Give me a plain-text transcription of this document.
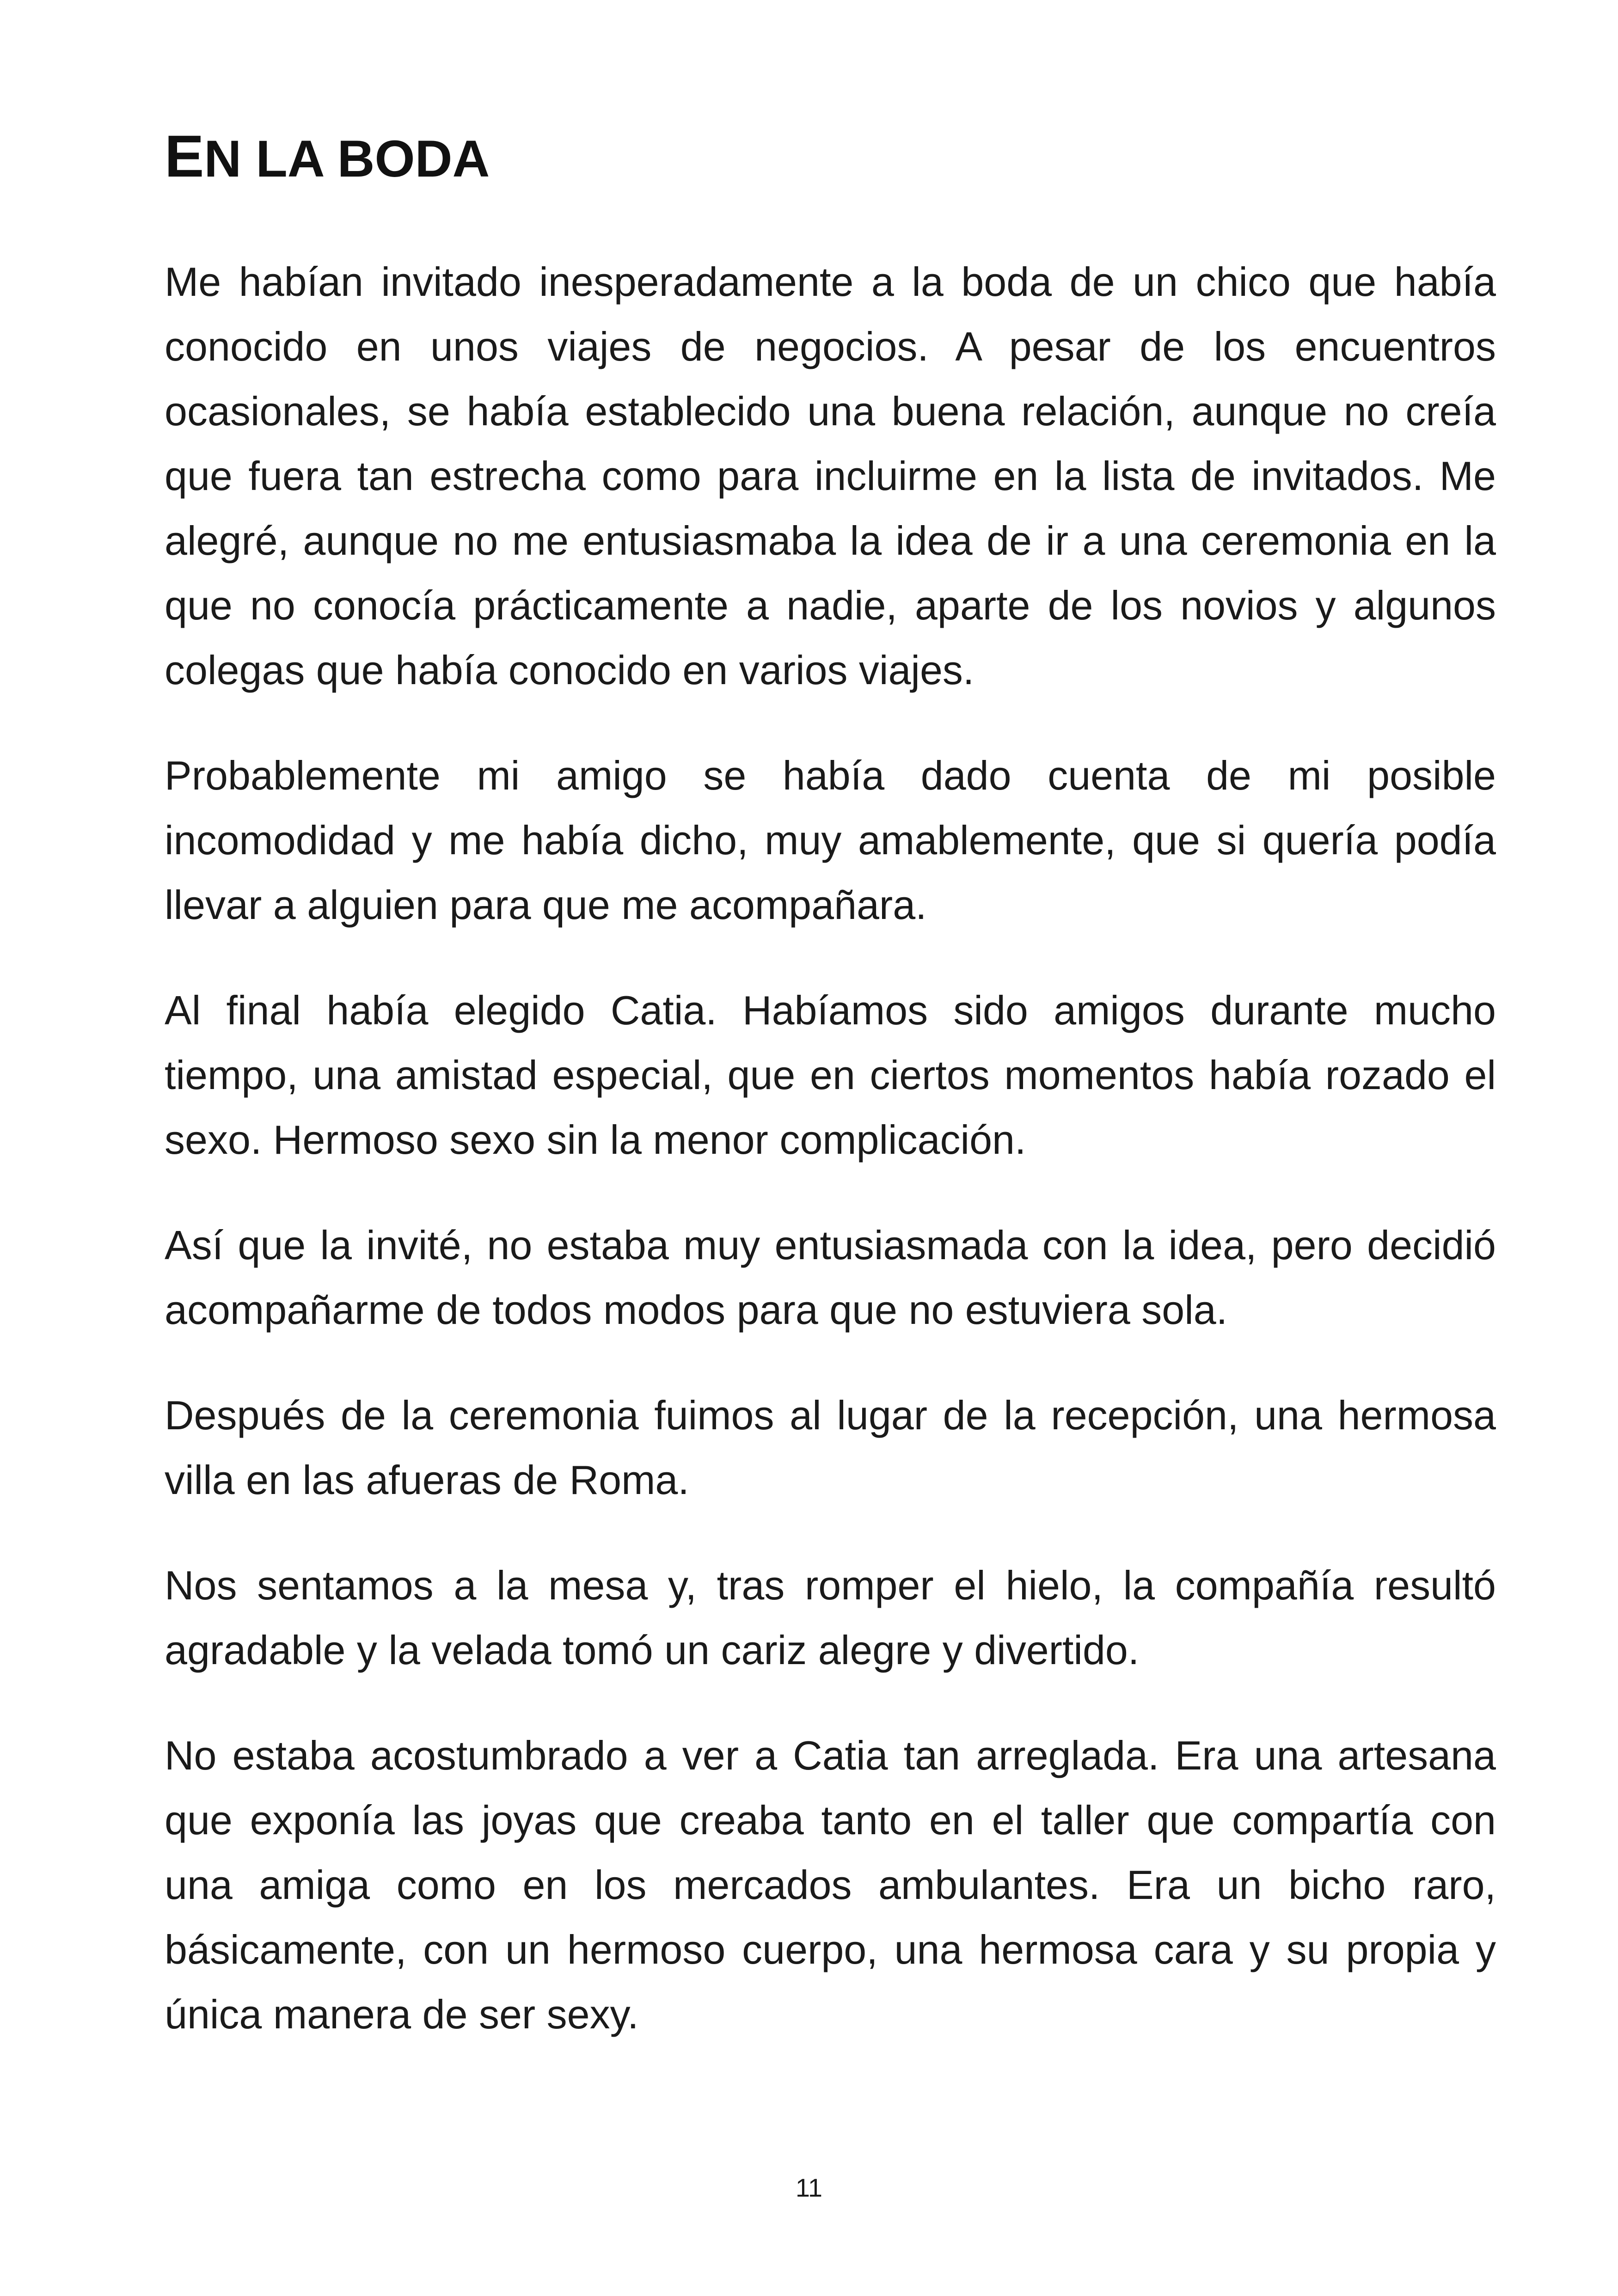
EN LA BODA

Me habían invitado inesperadamente a la boda de un chico que había conocido en unos viajes de negocios. A pesar de los encuentros ocasionales, se había establecido una buena relación, aunque no creía que fuera tan estrecha como para incluirme en la lista de invitados. Me alegré, aunque no me entusiasmaba la idea de ir a una ceremonia en la que no conocía prácticamente a nadie, aparte de los novios y algunos colegas que había conocido en varios viajes.

Probablemente mi amigo se había dado cuenta de mi posible incomodidad y me había dicho, muy amablemente, que si quería podía llevar a alguien para que me acompañara.

Al final había elegido Catia. Habíamos sido amigos durante mucho tiempo, una amistad especial, que en ciertos momentos había rozado el sexo. Hermoso sexo sin la menor complicación.

Así que la invité, no estaba muy entusiasmada con la idea, pero decidió acompañarme de todos modos para que no estuviera sola.

Después de la ceremonia fuimos al lugar de la recepción, una hermosa villa en las afueras de Roma.

Nos sentamos a la mesa y, tras romper el hielo, la compañía resultó agradable y la velada tomó un cariz alegre y divertido.

No estaba acostumbrado a ver a Catia tan arreglada. Era una artesana que exponía las joyas que creaba tanto en el taller que compartía con una amiga como en los mercados ambulantes. Era un bicho raro, básicamente, con un hermoso cuerpo, una hermosa cara y su propia y única manera de ser sexy.

11
